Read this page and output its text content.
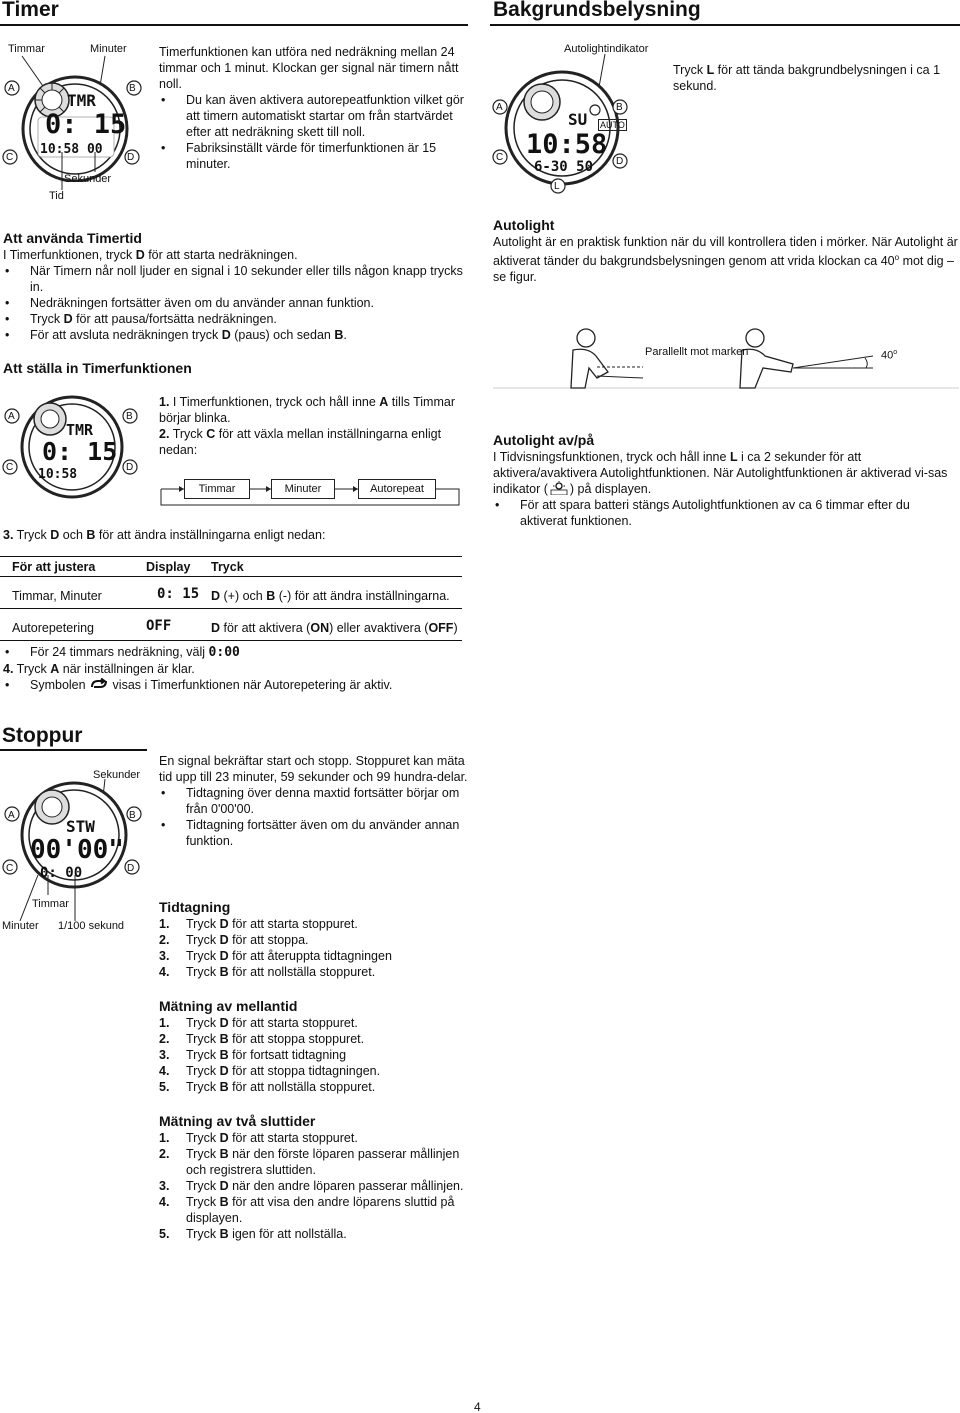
Timer
Timmar	Minuter
TMR
0: 15
10:58 00
A	B
C	D
Sekunder
Tid
Timerfunktionen kan utföra ned nedräkning mellan 24 timmar och 1 minut. Klockan ger signal när timern nått noll.
• Du kan även aktivera autorepeatfunktion vilket gör att timern automatiskt startar om från startvärdet efter att nedräkning skett till noll.
• Fabriksinställt värde för timerfunktionen är 15 minuter.
Att använda Timertid
I Timerfunktionen, tryck D för att starta nedräkningen.
• När Timern når noll ljuder en signal i 10 sekunder eller tills någon knapp trycks in.
• Nedräkningen fortsätter även om du använder annan funktion.
• Tryck D för att pausa/fortsätta nedräkningen.
• För att avsluta nedräkningen tryck D (paus) och sedan B.
Att ställa in Timerfunktionen
A	B
C	D
TMR
0: 15
10:58
1. I Timerfunktionen, tryck och håll inne A tills Timmar börjar blinka.
2. Tryck C för att växla mellan inställningarna enligt nedan:
Timmar	Minuter	Autorepeat
3. Tryck D och B för att ändra inställningarna enligt nedan:
För att justera	Display Tryck
Timmar, Minuter	0: 15 D (+) och B (-) för att ändra inställningarna.
Autorepetering	OFF	D för att aktivera (ON) eller avaktivera (OFF)
• För 24 timmars nedräkning, välj 0:00
4. Tryck A när inställningen är klar.
• Symbolen  visas i Timerfunktionen när Autorepetering är aktiv.
Bakgrundsbelysning
Autolightindikator
A	B
C	D
L
SU AUTO
10:58
6-30 50
Tryck L för att tända bakgrundbelysningen i ca 1 sekund.
Autolight
Autolight är en praktisk funktion när du vill kontrollera tiden i mörker. När Autolight är aktiverat tänder du bakgrundsbelysningen genom att vrida klockan ca 40$^o$ mot dig – se figur.
Parallellt mot marken	40$^o$
Autolight av/på
I Tidvisningsfunktionen, tryck och håll inne L i ca 2 sekunder för att aktivera/avaktivera Autolightfunktionen. När Autolightfunktionen är aktiverad vi-sas indikator ( ) på displayen.
• För att spara batteri stängs Autolightfunktionen av ca 6 timmar efter du aktiverat funktionen.
Stoppur
Sekunder
A	B
C	D
STW
00'00"
0: 00
Timmar
Minuter 1/100 sekund
En signal bekräftar start och stopp. Stoppuret kan mäta tid upp till 23 minuter, 59 sekunder och 99 hundra-delar.
• Tidtagning över denna maxtid fortsätter börjar om från 0'00'00.
• Tidtagning fortsätter även om du använder annan funktion.
Tidtagning
1. Tryck D för att starta stoppuret.
2. Tryck D för att stoppa.
3. Tryck D för att återuppta tidtagningen
4. Tryck B för att nollställa stoppuret.
Mätning av mellantid
1. Tryck D för att starta stoppuret.
2. Tryck B för att stoppa stoppuret.
3. Tryck B för fortsatt tidtagning
4. Tryck D för att stoppa tidtagningen.
5. Tryck B för att nollställa stoppuret.
Mätning av två sluttider
1. Tryck D för att starta stoppuret.
2. Tryck B när den förste löparen passerar mållinjen och registrera sluttiden.
3. Tryck D när den andre löparen passerar mållinjen.
4. Tryck B för att visa den andre löparens sluttid på displayen.
5. Tryck B igen för att nollställa.
4
